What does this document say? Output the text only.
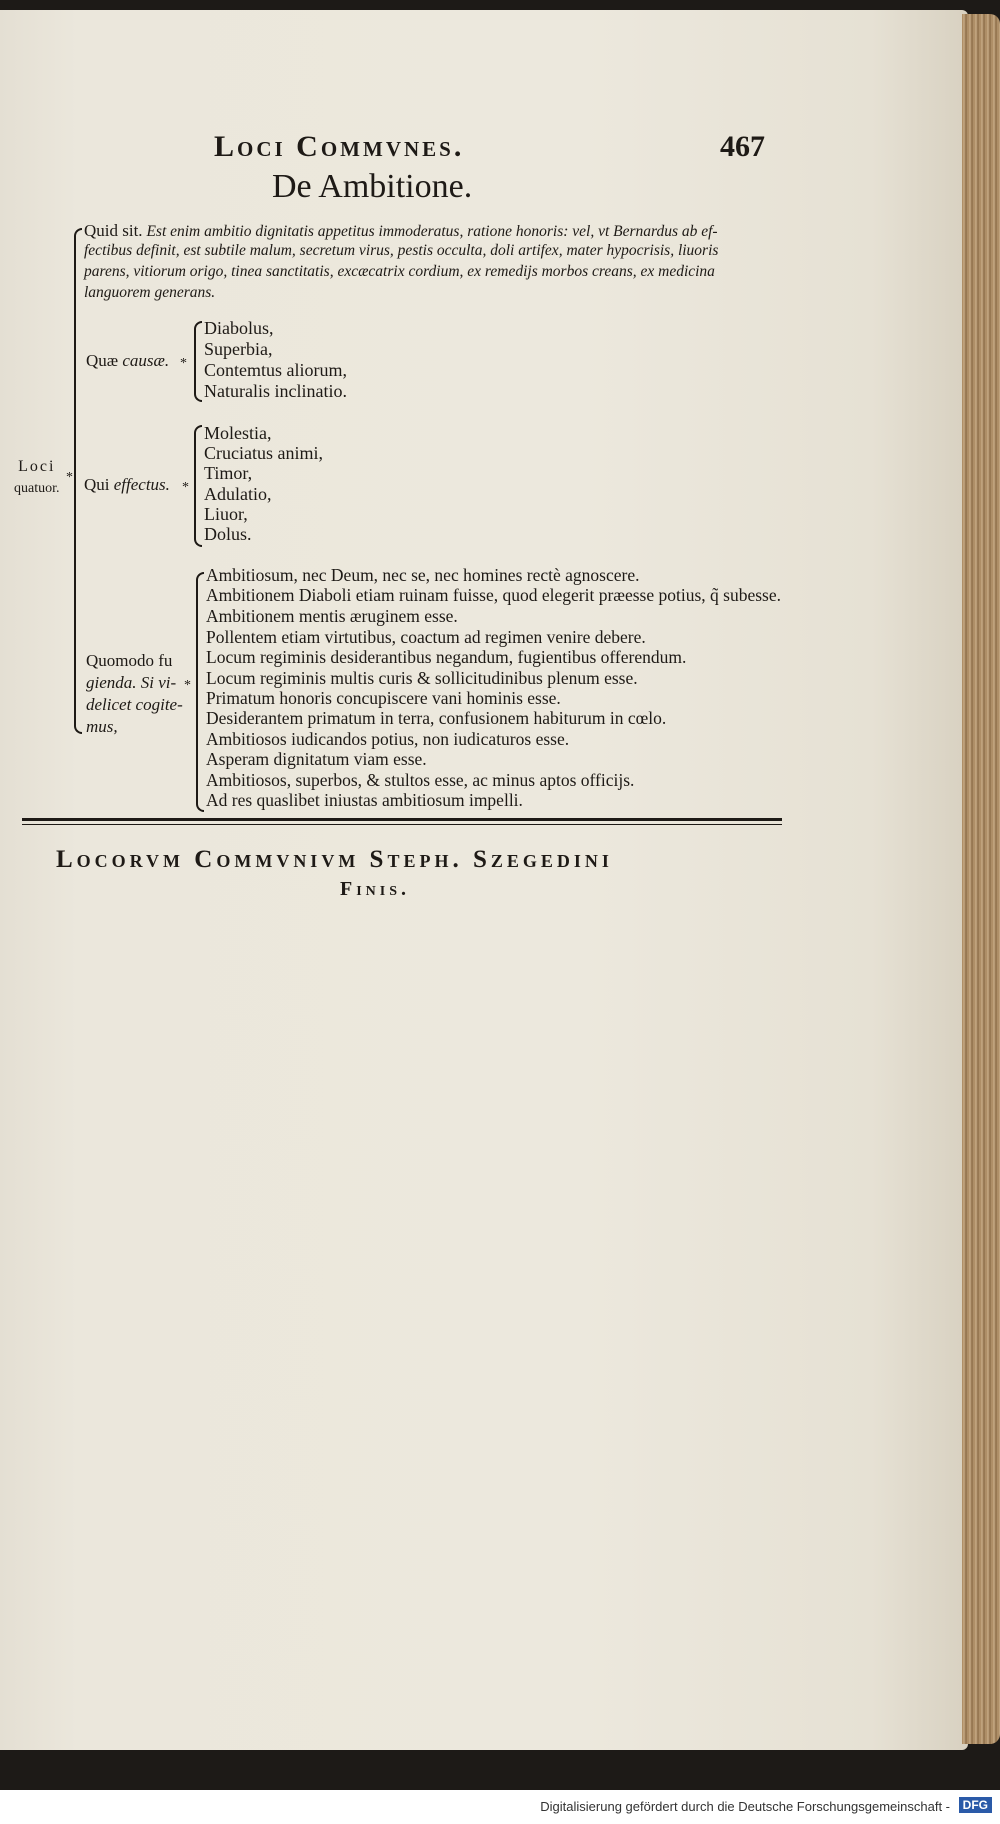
Loci Commvnes.	467
De Ambitione.
Quid sit. Est enim ambitio dignitatis appetitus immoderatus, ratione honoris: vel, vt Bernardus ab ef-
fectibus definit, est subtile malum, secretum virus, pestis occulta, doli artifex, mater hypocrisis, liuoris
parens, vitiorum origo, tinea sanctitatis, excæcatrix cordium, ex remedijs morbos creans, ex medicina
languorem generans.
Loci
quatuor.
*
Quæ causæ. *
Diabolus,
Superbia,
Contemtus aliorum,
Naturalis inclinatio.
Qui effectus. *
Molestia,
Cruciatus animi,
Timor,
Adulatio,
Liuor,
Dolus.
Quomodo fu
gienda. Si vi-
delicet cogite-
mus,
*
Ambitiosum, nec Deum, nec se, nec homines rectè agnoscere.
Ambitionem Diaboli etiam ruinam fuisse, quod elegerit præesse potius, q̃ subesse.
Ambitionem mentis æruginem esse.
Pollentem etiam virtutibus, coactum ad regimen venire debere.
Locum regiminis desiderantibus negandum, fugientibus offerendum.
Locum regiminis multis curis & sollicitudinibus plenum esse.
Primatum honoris concupiscere vani hominis esse.
Desiderantem primatum in terra, confusionem habiturum in cœlo.
Ambitiosos iudicandos potius, non iudicaturos esse.
Asperam dignitatum viam esse.
Ambitiosos, superbos, & stultos esse, ac minus aptos officijs.
Ad res quaslibet iniustas ambitiosum impelli.
Locorvm Commvnivm Steph. Szegedini
Finis.
Digitalisierung gefördert durch die Deutsche Forschungsgemeinschaft -	DFG
